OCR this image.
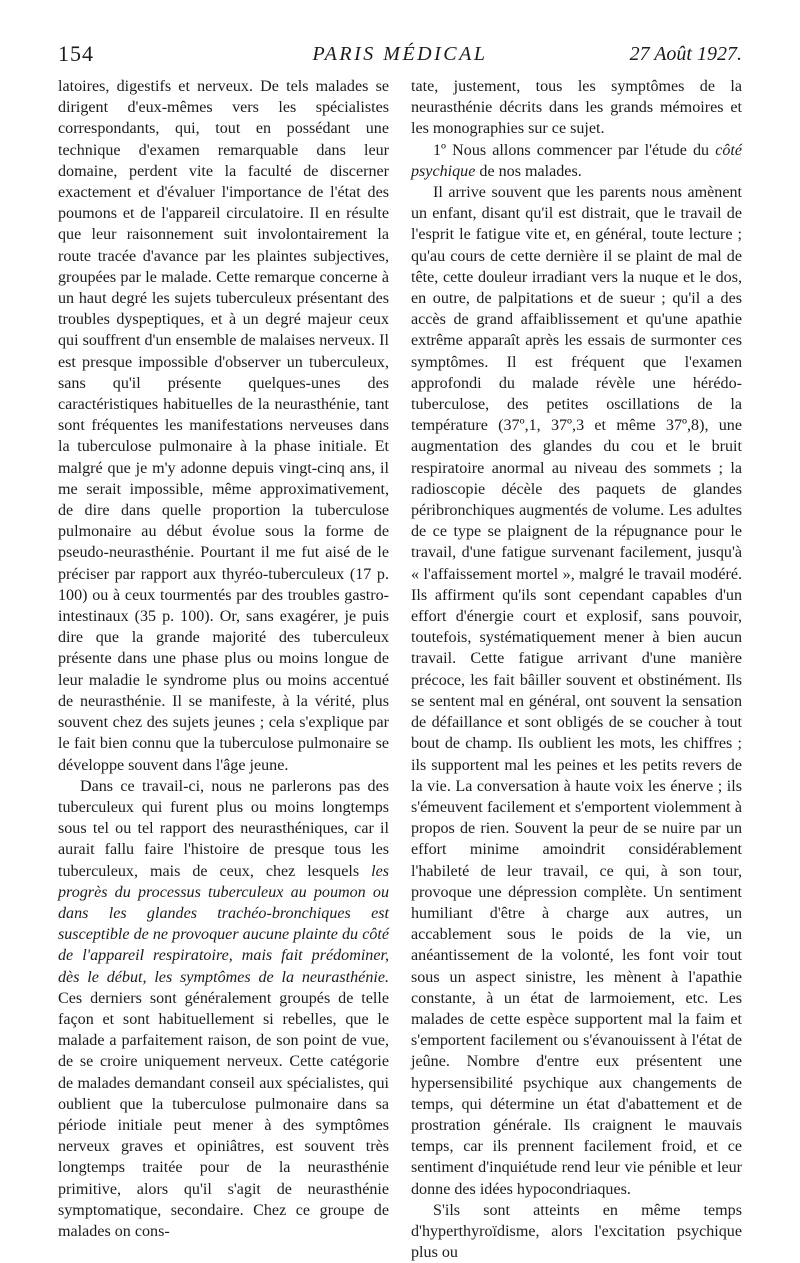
154	PARIS MÉDICAL	27 Août 1927.

latoires, digestifs et nerveux. De tels malades se dirigent d'eux-mêmes vers les spécialistes correspondants, qui, tout en possédant une technique d'examen remarquable dans leur domaine, perdent vite la faculté de discerner exactement et d'évaluer l'importance de l'état des poumons et de l'appareil circulatoire. Il en résulte que leur raisonnement suit involontairement la route tracée d'avance par les plaintes subjectives, groupées par le malade. Cette remarque concerne à un haut degré les sujets tuberculeux présentant des troubles dyspeptiques, et à un degré majeur ceux qui souffrent d'un ensemble de malaises nerveux. Il est presque impossible d'observer un tuberculeux, sans qu'il présente quelques-unes des caractéristiques habituelles de la neurasthénie, tant sont fréquentes les manifestations nerveuses dans la tuberculose pulmonaire à la phase initiale. Et malgré que je m'y adonne depuis vingt-cinq ans, il me serait impossible, même approximativement, de dire dans quelle proportion la tuberculose pulmonaire au début évolue sous la forme de pseudo-neurasthénie. Pourtant il me fut aisé de le préciser par rapport aux thyréo-tuberculeux (17 p. 100) ou à ceux tourmentés par des troubles gastro-intestinaux (35 p. 100). Or, sans exagérer, je puis dire que la grande majorité des tuberculeux présente dans une phase plus ou moins longue de leur maladie le syndrome plus ou moins accentué de neurasthénie. Il se manifeste, à la vérité, plus souvent chez des sujets jeunes ; cela s'explique par le fait bien connu que la tuberculose pulmonaire se développe souvent dans l'âge jeune.

Dans ce travail-ci, nous ne parlerons pas des tuberculeux qui furent plus ou moins longtemps sous tel ou tel rapport des neurasthéniques, car il aurait fallu faire l'histoire de presque tous les tuberculeux, mais de ceux, chez lesquels les progrès du processus tuberculeux au poumon ou dans les glandes trachéo-bronchiques est susceptible de ne provoquer aucune plainte du côté de l'appareil respiratoire, mais fait prédominer, dès le début, les symptômes de la neurasthénie. Ces derniers sont généralement groupés de telle façon et sont habituellement si rebelles, que le malade a parfaitement raison, de son point de vue, de se croire uniquement nerveux. Cette catégorie de malades demandant conseil aux spécialistes, qui oublient que la tuberculose pulmonaire dans sa période initiale peut mener à des symptômes nerveux graves et opiniâtres, est souvent très longtemps traitée pour de la neurasthénie primitive, alors qu'il s'agit de neurasthénie symptomatique, secondaire. Chez ce groupe de malades on cons-

tate, justement, tous les symptômes de la neurasthénie décrits dans les grands mémoires et les monographies sur ce sujet.

1º Nous allons commencer par l'étude du côté psychique de nos malades.

Il arrive souvent que les parents nous amènent un enfant, disant qu'il est distrait, que le travail de l'esprit le fatigue vite et, en général, toute lecture ; qu'au cours de cette dernière il se plaint de mal de tête, cette douleur irradiant vers la nuque et le dos, en outre, de palpitations et de sueur ; qu'il a des accès de grand affaiblissement et qu'une apathie extrême apparaît après les essais de surmonter ces symptômes. Il est fréquent que l'examen approfondi du malade révèle une hérédo-tuberculose, des petites oscillations de la température (37º,1, 37º,3 et même 37º,8), une augmentation des glandes du cou et le bruit respiratoire anormal au niveau des sommets ; la radioscopie décèle des paquets de glandes péribronchiques augmentés de volume. Les adultes de ce type se plaignent de la répugnance pour le travail, d'une fatigue survenant facilement, jusqu'à « l'affaissement mortel », malgré le travail modéré. Ils affirment qu'ils sont cependant capables d'un effort d'énergie court et explosif, sans pouvoir, toutefois, systématiquement mener à bien aucun travail. Cette fatigue arrivant d'une manière précoce, les fait bâiller souvent et obstinément. Ils se sentent mal en général, ont souvent la sensation de défaillance et sont obligés de se coucher à tout bout de champ. Ils oublient les mots, les chiffres ; ils supportent mal les peines et les petits revers de la vie. La conversation à haute voix les énerve ; ils s'émeuvent facilement et s'emportent violemment à propos de rien. Souvent la peur de se nuire par un effort minime amoindrit considérablement l'habileté de leur travail, ce qui, à son tour, provoque une dépression complète. Un sentiment humiliant d'être à charge aux autres, un accablement sous le poids de la vie, un anéantissement de la volonté, les font voir tout sous un aspect sinistre, les mènent à l'apathie constante, à un état de larmoiement, etc. Les malades de cette espèce supportent mal la faim et s'emportent facilement ou s'évanouissent à l'état de jeûne. Nombre d'entre eux présentent une hypersensibilité psychique aux changements de temps, qui détermine un état d'abattement et de prostration générale. Ils craignent le mauvais temps, car ils prennent facilement froid, et ce sentiment d'inquiétude rend leur vie pénible et leur donne des idées hypocondriaques.

S'ils sont atteints en même temps d'hyperthyroïdisme, alors l'excitation psychique plus ou
